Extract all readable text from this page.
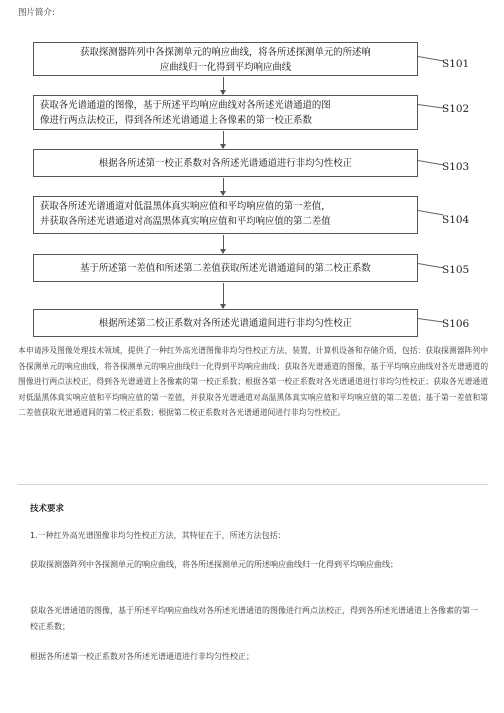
图片简介:
获取探测器阵列中各探测单元的响应曲线，将各所述探测单元的所述响
应曲线归一化得到平均响应曲线	S101
获取各光谱通道的图像，基于所述平均响应曲线对各所述光谱通道的图
像进行两点法校正，得到各所述光谱通道上各像素的第一校正系数
S102
根据各所述第一校正系数对各所述光谱通道进行非均匀性校正	S103
获取各所述光谱通道对低温黑体真实响应值和平均响应值的第一差值，
并获取各所述光谱通道对高温黑体真实响应值和平均响应值的第二差值	S104
基于所述第一差值和所述第二差值获取所述光谱通道间的第二校正系数	S105
根据所述第二校正系数对各所述光谱通道间进行非均匀性校正	S106
本申请涉及图像处理技术领域，提供了一种红外高光谱图像非均匀性校正方法、装置、计算机设备和存储介质，包括：获取探测器阵列中各探测单元的响应曲线，将各探测单元的响应曲线归一化得到平均响应曲线；获取各光谱通道的图像，基于平均响应曲线对各光谱通道的图像进行两点法校正，得到各光谱通道上各像素的第一校正系数；根据各第一校正系数对各光谱通道进行非均匀性校正；获取各光谱通道对低温黑体真实响应值和平均响应值的第一差值，并获取各光谱通道对高温黑体真实响应值和平均响应值的第二差值；基于第一差值和第二差值获取光谱通道间的第二校正系数；根据第二校正系数对各光谱通道间进行非均匀性校正。
技术要求
1.一种红外高光谱图像非均匀性校正方法，其特征在于，所述方法包括：
获取探测器阵列中各探测单元的响应曲线，将各所述探测单元的所述响应曲线归一化得到平均响应曲线；
获取各光谱通道的图像，基于所述平均响应曲线对各所述光谱通道的图像进行两点法校正，得到各所述光谱通道上各像素的第一校正系数；
根据各所述第一校正系数对各所述光谱通道进行非均匀性校正；
